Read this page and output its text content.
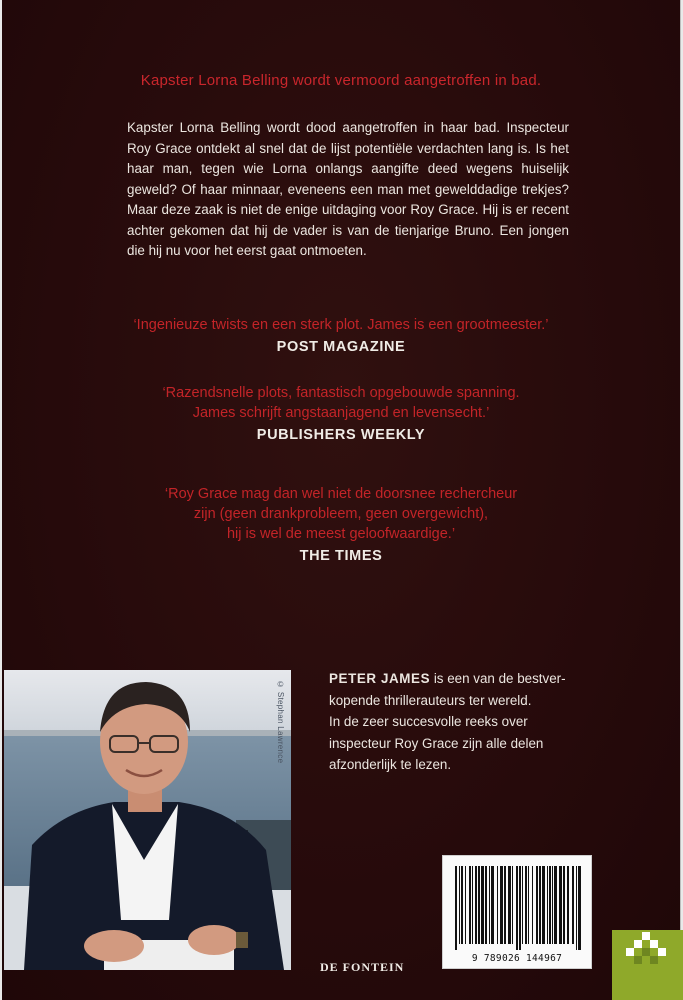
Kapster Lorna Belling wordt vermoord aangetroffen in bad.

Kapster Lorna Belling wordt dood aangetroffen in haar bad. Inspecteur Roy Grace ontdekt al snel dat de lijst potentiële verdachten lang is. Is het haar man, tegen wie Lorna onlangs aangifte deed wegens huiselijk geweld? Of haar minnaar, eveneens een man met gewelddadige trekjes? Maar deze zaak is niet de enige uitdaging voor Roy Grace. Hij is er recent achter gekomen dat hij de vader is van de tienjarige Bruno. Een jongen die hij nu voor het eerst gaat ontmoeten.

‘Ingenieuze twists en een sterk plot. James is een grootmeester.’
POST MAGAZINE
‘Razendsnelle plots, fantastisch opgebouwde spanning.
James schrijft angstaanjagend en levensecht.’
PUBLISHERS WEEKLY
‘Roy Grace mag dan wel niet de doorsnee rechercheur
zijn (geen drankprobleem, geen overgewicht),
hij is wel de meest geloofwaardige.’
THE TIMES
© Stephan Lawrence
PETER JAMES is een van de bestver-
kopende thrillerauteurs ter wereld.
In de zeer succesvolle reeks over
inspecteur Roy Grace zijn alle delen
afzonderlijk te lezen.
9 789026 144967
DE FONTEIN
